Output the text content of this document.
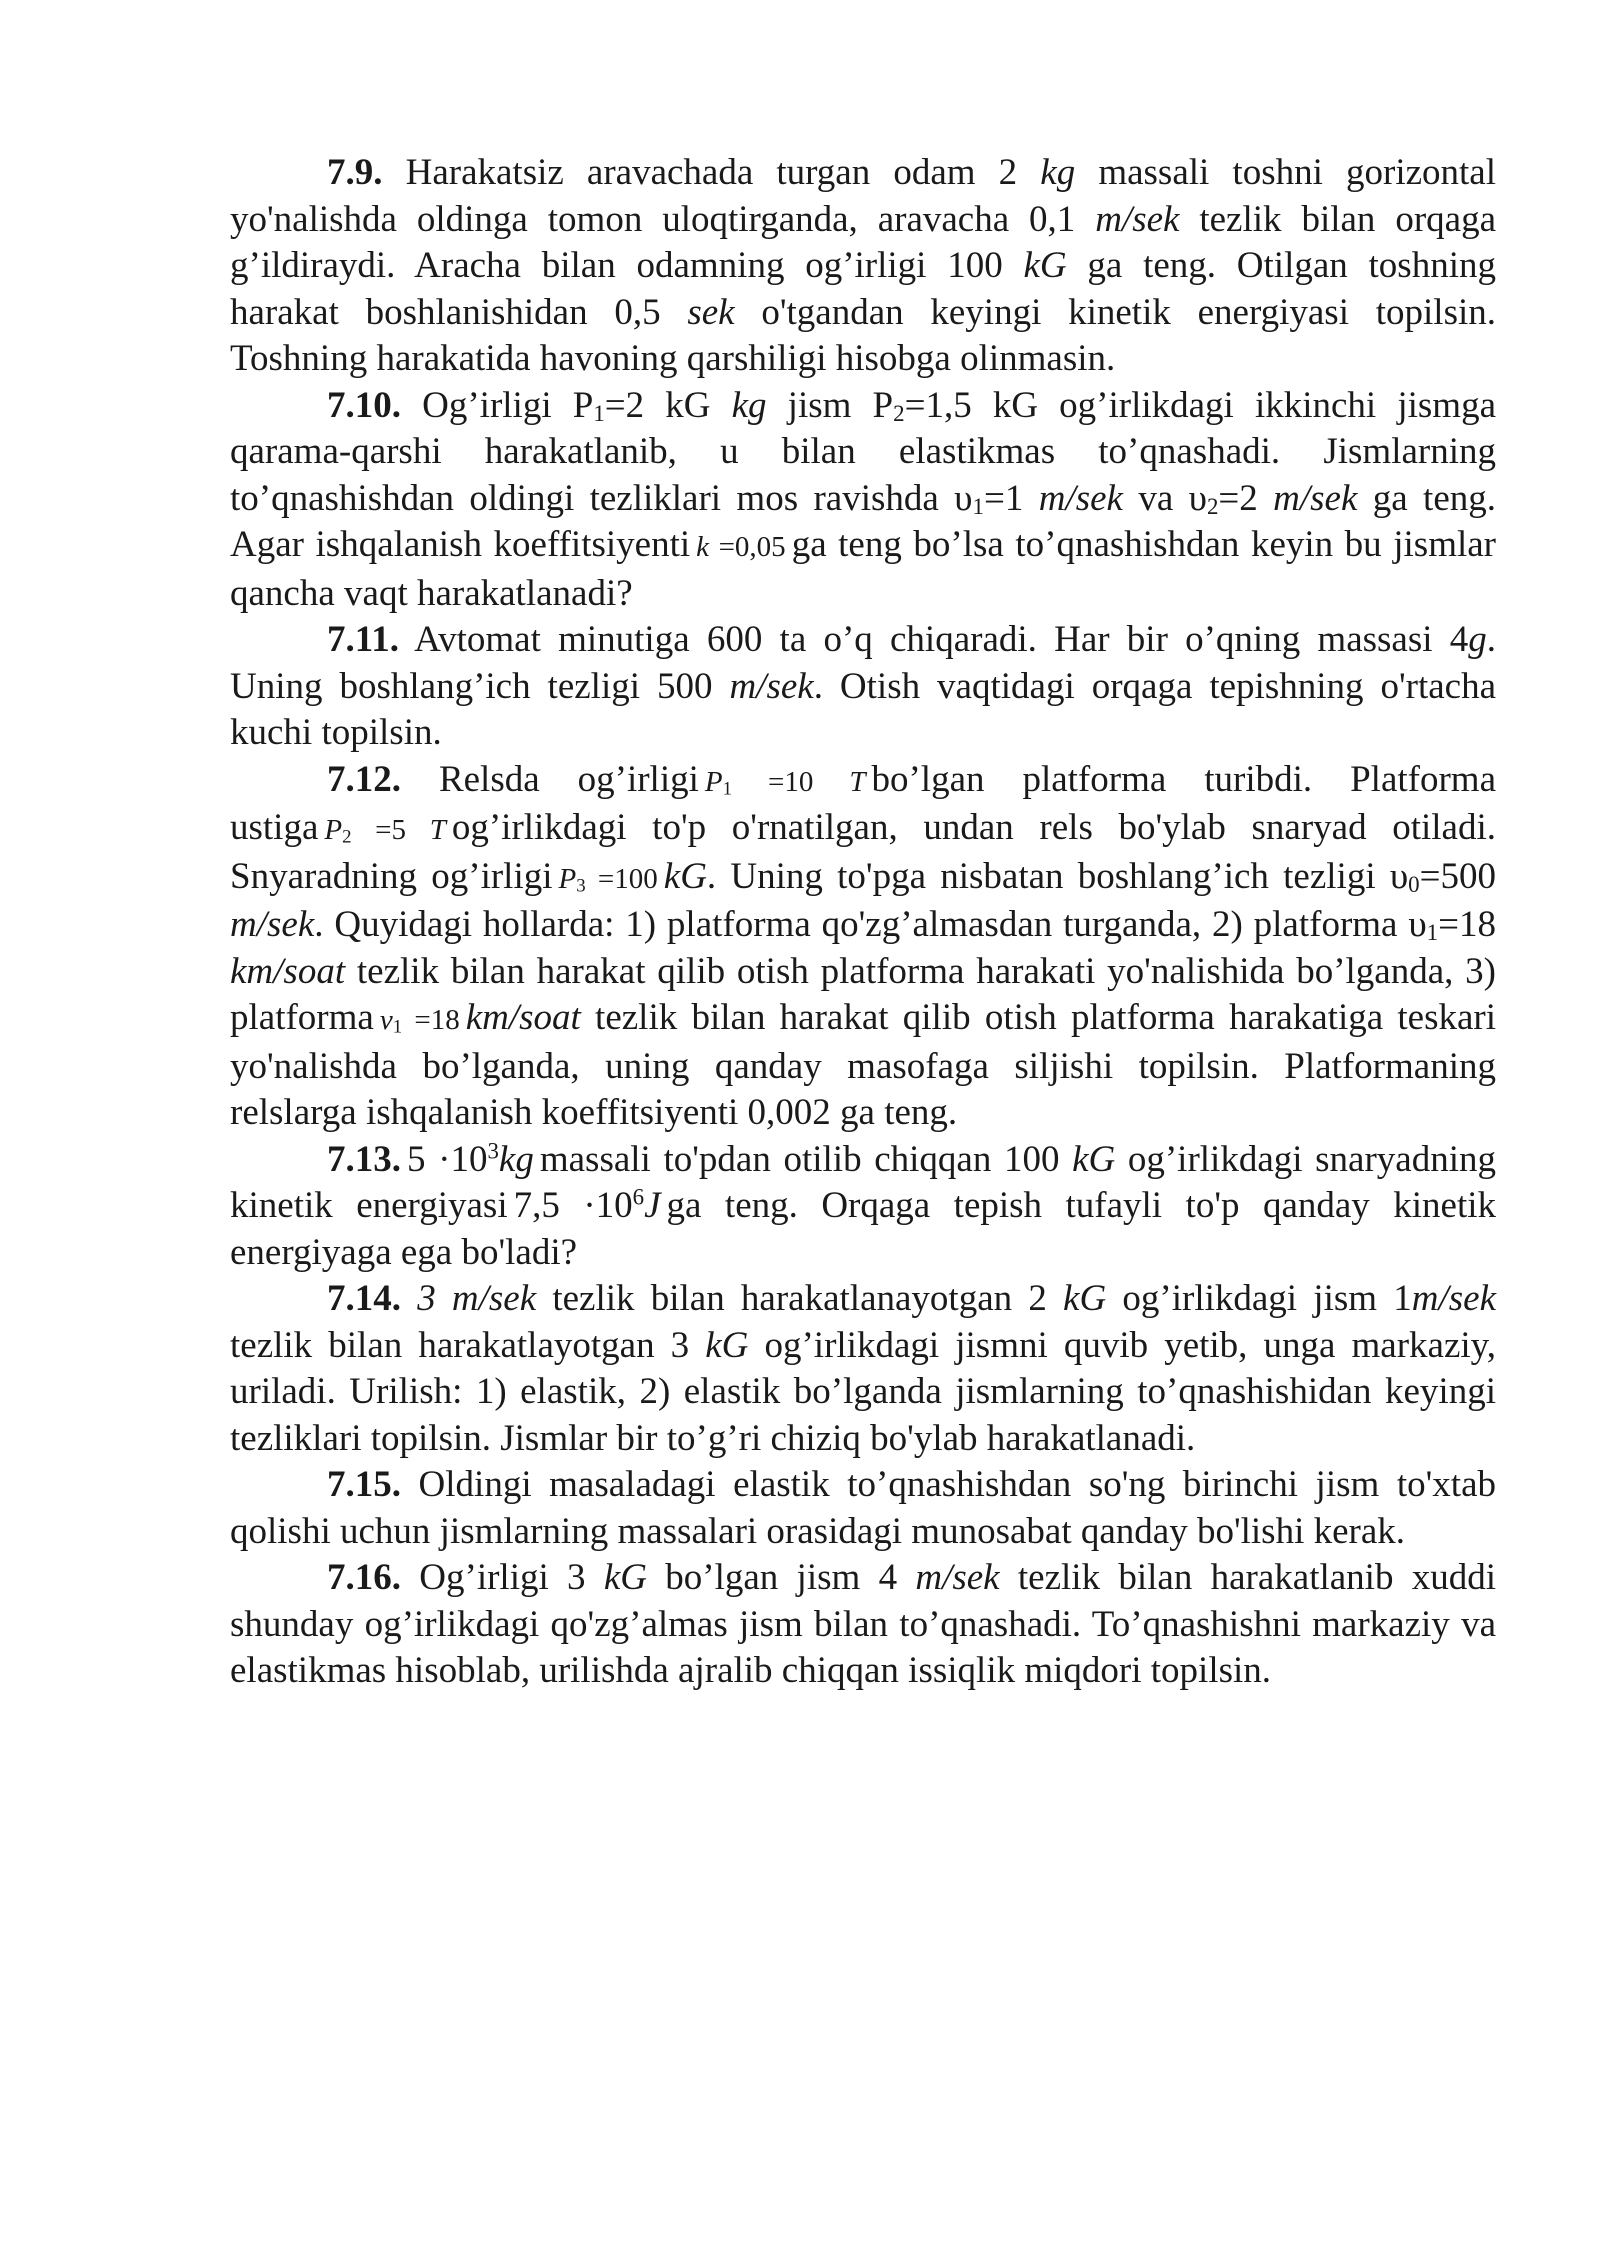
7.9. Harakatsiz aravachada turgan odam 2 kg massali toshni gorizontal yo'nalishda oldinga tomon uloqtirganda, aravacha 0,1 m/sek tezlik bilan orqaga g’ildiraydi. Aracha bilan odamning og’irligi 100 kG ga teng. Otilgan toshning harakat boshlanishidan 0,5 sek o'tgandan keyingi kinetik energiyasi topilsin. Toshning harakatida havoning qarshiligi hisobga olinmasin.

7.10. Og’irligi $P_1=2$ kG kg jism $P_2=1,5$ kG og’irlikdagi ikkinchi jismga qarama-qarshi harakatlanib, u bilan elastikmas to’qnashadi. Jismlarning to’qnashishdan oldingi tezliklari mos ravishda $\upsilon_1=1$ m/sek va $\upsilon_2=2$ m/sek ga teng. Agar ishqalanish koeffitsiyenti k =0,05 ga teng bo’lsa to’qnashishdan keyin bu jismlar qancha vaqt harakatlanadi?

7.11. Avtomat minutiga 600 ta o’q chiqaradi. Har bir o’qning massasi 4g. Uning boshlang’ich tezligi 500 m/sek. Otish vaqtidagi orqaga tepishning o'rtacha kuchi topilsin.

7.12. Relsda og’irligi $P_1 =10$ T bo’lgan platforma turibdi. Platforma ustiga $P_2 =5$ T og’irlikdagi to'p o'rnatilgan, undan rels bo'ylab snaryad otiladi. Snyaradning og’irligi $P_3 =100$ kG. Uning to'pga nisbatan boshlang’ich tezligi $\upsilon_0=500$ m/sek. Quyidagi hollarda: 1) platforma qo'zg’almasdan turganda, 2) platforma $\upsilon_1=18$ km/soat tezlik bilan harakat qilib otish platforma harakati yo'nalishida bo’lganda, 3) platforma $v_1 =18$ km/soat tezlik bilan harakat qilib otish platforma harakatiga teskari yo'nalishda bo’lganda, uning qanday masofaga siljishi topilsin. Platformaning relslarga ishqalanish koeffitsiyenti 0,002 ga teng.

7.13. $5 \cdot 10^3kg$ massali to'pdan otilib chiqqan 100 kG og’irlikdagi snaryadning kinetik energiyasi $7,5 \cdot 10^6J$ ga teng. Orqaga tepish tufayli to'p qanday kinetik energiyaga ega bo'ladi?

7.14. 3 m/sek tezlik bilan harakatlanayotgan 2 kG og’irlikdagi jism 1m/sek tezlik bilan harakatlayotgan 3 kG og’irlikdagi jismni quvib yetib, unga markaziy, uriladi. Urilish: 1) elastik, 2) elastik bo’lganda jismlarning to’qnashishidan keyingi tezliklari topilsin. Jismlar bir to’g’ri chiziq bo'ylab harakatlanadi.

7.15. Oldingi masaladagi elastik to’qnashishdan so'ng birinchi jism to'xtab qolishi uchun jismlarning massalari orasidagi munosabat qanday bo'lishi kerak.

7.16. Og’irligi 3 kG bo’lgan jism 4 m/sek tezlik bilan harakatlanib xuddi shunday og’irlikdagi qo'zg’almas jism bilan to’qnashadi. To’qnashishni markaziy va elastikmas hisoblab, urilishda ajralib chiqqan issiqlik miqdori topilsin.
